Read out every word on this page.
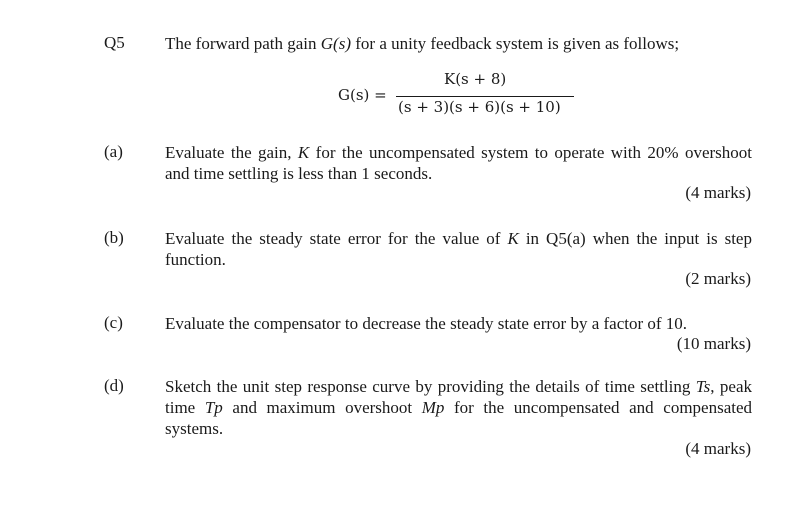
Q5 The forward path gain G(s) for a unity feedback system is given as follows;
G(s) =
K(s + 8)
(s + 3)(s + 6)(s + 10)
(a) Evaluate the gain, K for the uncompensated system to operate with 20% overshoot and time settling is less than 1 seconds.
(4 marks)
(b) Evaluate the steady state error for the value of K in Q5(a) when the input is step function.
(2 marks)
(c) Evaluate the compensator to decrease the steady state error by a factor of 10.
(10 marks)
(d) Sketch the unit step response curve by providing the details of time settling Ts, peak time Tp and maximum overshoot Mp for the uncompensated and compensated systems.
(4 marks)
